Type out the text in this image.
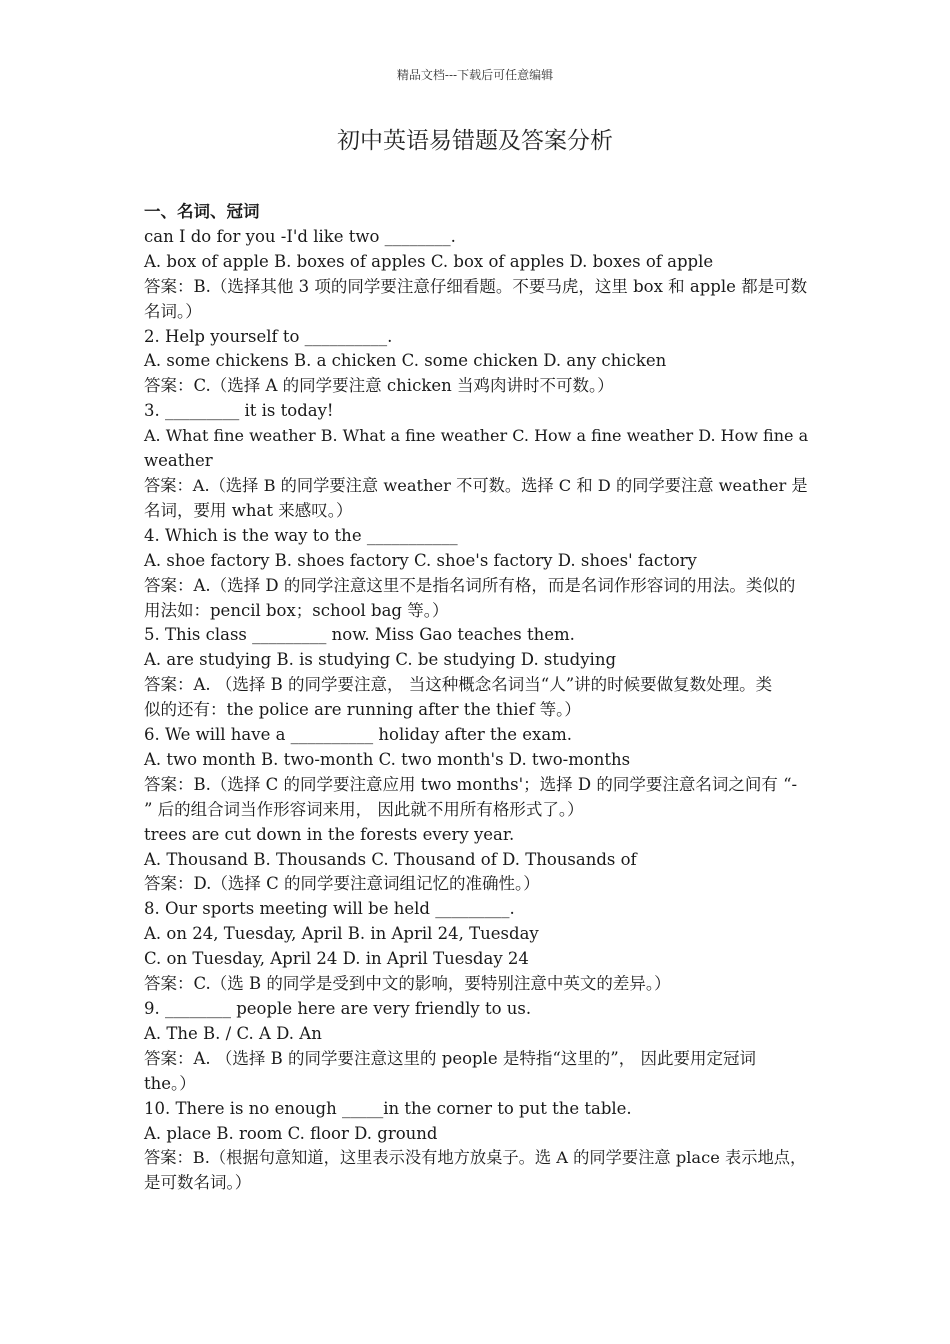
精品文档---下载后可任意编辑
初中英语易错题及答案分析
一、名词、冠词
can I do for you -I'd like two ________.
A. box of apple B. boxes of apples C. box of apples D. boxes of apple
答案：B.（选择其他 3 项的同学要注意仔细看题。不要马虎，这里 box 和 apple 都是可数
名词。）
2. Help yourself to __________.
A. some chickens B. a chicken C. some chicken D. any chicken
答案：C.（选择 A 的同学要注意 chicken 当鸡肉讲时不可数。）
3. _________ it is today!
A. What fine weather B. What a fine weather C. How a fine weather D. How fine a
weather
答案：A.（选择 B 的同学要注意 weather 不可数。选择 C 和 D 的同学要注意 weather 是
名词，要用 what 来感叹。）
4. Which is the way to the ___________
A. shoe factory B. shoes factory C. shoe's factory D. shoes' factory
答案：A.（选择 D 的同学注意这里不是指名词所有格，而是名词作形容词的用法。类似的
用法如：pencil box；school bag 等。）
5. This class _________ now. Miss Gao teaches them.
A. are studying B. is studying C. be studying D. studying
答案：A. （选择 B 的同学要注意， 当这种概念名词当“人”讲的时候要做复数处理。类
似的还有：the police are running after the thief 等。）
6. We will have a __________ holiday after the exam.
A. two month B. two-month C. two month's D. two-months
答案：B.（选择 C 的同学要注意应用 two months'；选择 D 的同学要注意名词之间有 “-
” 后的组合词当作形容词来用， 因此就不用所有格形式了。）
trees are cut down in the forests every year.
A. Thousand B. Thousands C. Thousand of D. Thousands of
答案：D.（选择 C 的同学要注意词组记忆的准确性。）
8. Our sports meeting will be held _________.
A. on 24, Tuesday, April B. in April 24, Tuesday
C. on Tuesday, April 24 D. in April Tuesday 24
答案：C.（选 B 的同学是受到中文的影响，要特别注意中英文的差异。）
9. ________ people here are very friendly to us.
A. The B. / C. A D. An
答案：A. （选择 B 的同学要注意这里的 people 是特指“这里的”， 因此要用定冠词
the。）
10. There is no enough _____in the corner to put the table.
A. place B. room C. floor D. ground
答案：B.（根据句意知道，这里表示没有地方放桌子。选 A 的同学要注意 place 表示地点，
是可数名词。）
